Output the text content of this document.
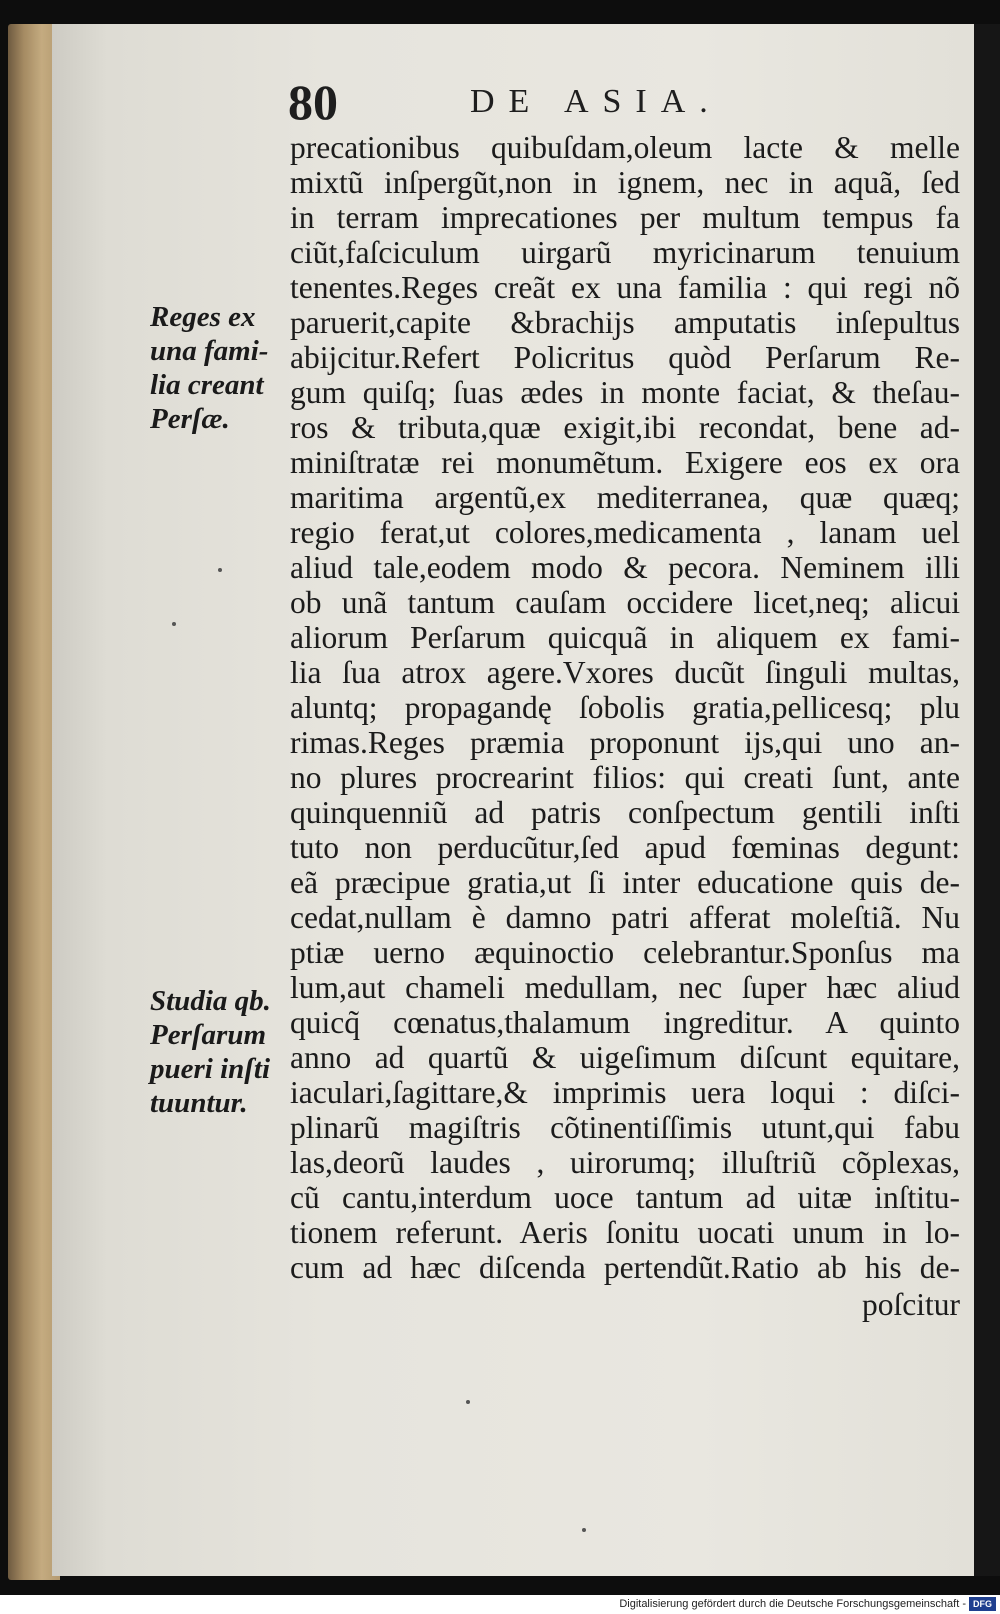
80	DE ASIA.
Reges ex
una fami-
lia creant
Perſæ.
Studia qb.
Perſarum
pueri inſti
tuuntur.
precationibus quibuſdam,oleum lacte & melle
mixtũ inſpergũt,non in ignem, nec in aquã, ſed
in terram imprecationes per multum tempus fa
ciũt,faſciculum uirgarũ myricinarum tenuium
tenentes.Reges creãt ex una familia : qui regi nõ
paruerit,capite &brachijs amputatis inſepultus
abijcitur.Refert Policritus quòd Perſarum Re-
gum quiſq; ſuas ædes in monte faciat, & theſau-
ros & tributa,quæ exigit,ibi recondat, bene ad-
miniſtratæ rei monumẽtum. Exigere eos ex ora
maritima argentũ,ex mediterranea, quæ quæq;
regio ferat,ut colores,medicamenta , lanam uel
aliud tale,eodem modo & pecora. Neminem illi
ob unã tantum cauſam occidere licet,neq; alicui
aliorum Perſarum quicquã in aliquem ex fami-
lia ſua atrox agere.Vxores ducũt ſinguli multas,
aluntq; propagandę ſobolis gratia,pellicesq; plu
rimas.Reges præmia proponunt ijs,qui uno an-
no plures procrearint filios: qui creati ſunt, ante
quinquenniũ ad patris conſpectum gentili inſti
tuto non perducũtur,ſed apud fœminas degunt:
eã præcipue gratia,ut ſi inter educatione quis de-
cedat,nullam è damno patri afferat moleſtiã. Nu
ptiæ uerno æquinoctio celebrantur.Sponſus ma
lum,aut chameli medullam, nec ſuper hæc aliud
quicq̃ cœnatus,thalamum ingreditur. A quinto
anno ad quartũ & uigeſimum diſcunt equitare,
iaculari,ſagittare,& imprimis uera loqui : diſci-
plinarũ magiſtris cõtinentiſſimis utunt,qui fabu
las,deorũ laudes , uirorumq; illuſtriũ cõplexas,
cũ cantu,interdum uoce tantum ad uitæ inſtitu-
tionem referunt. Aeris ſonitu uocati unum in lo-
cum ad hæc diſcenda pertendũt.Ratio ab his de-
poſcitur
Digitalisierung gefördert durch die Deutsche Forschungsgemeinschaft - DFG
